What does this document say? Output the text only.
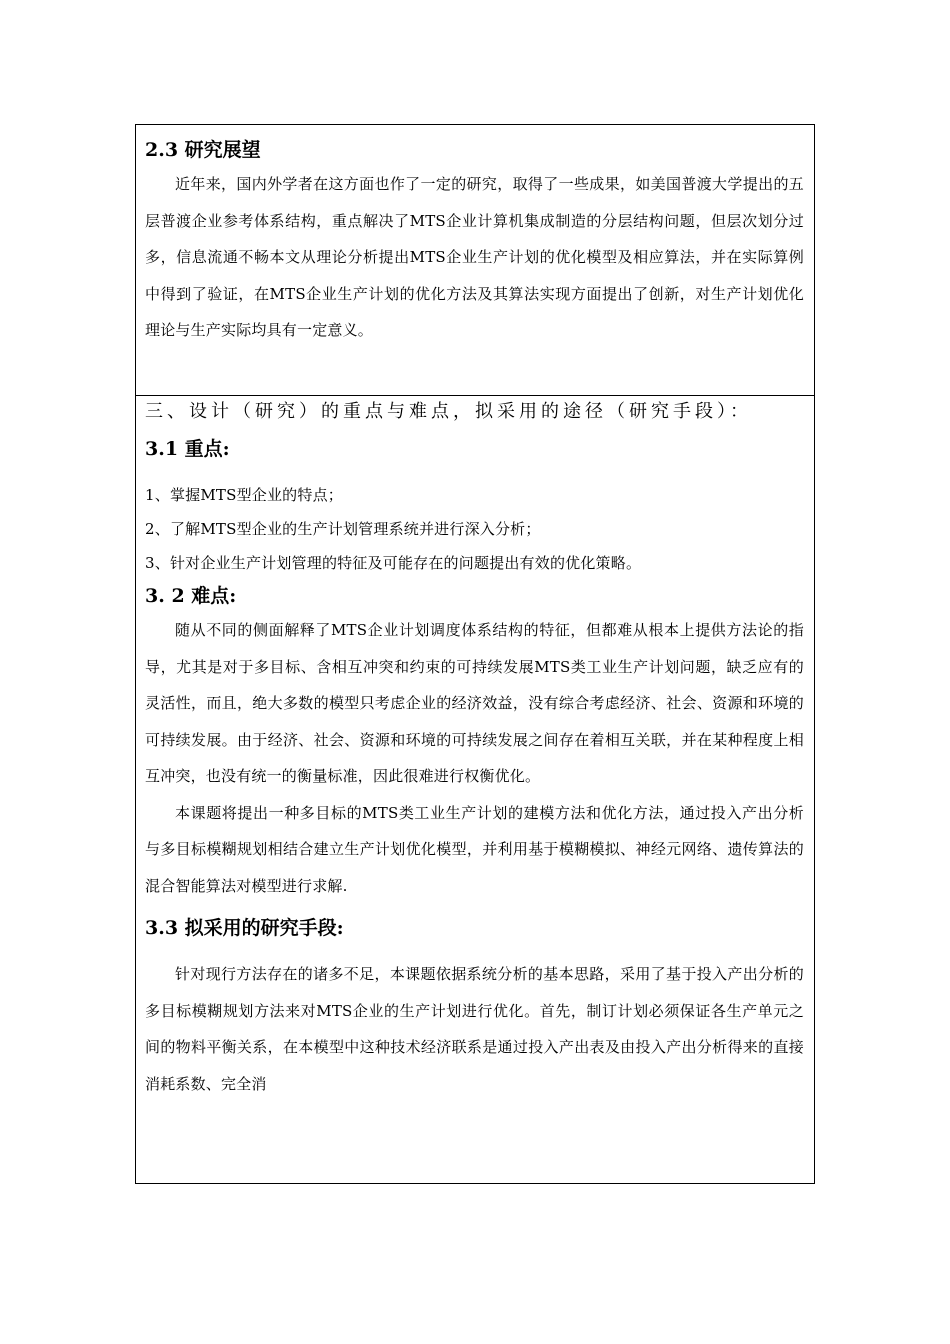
2.3 研究展望

近年来，国内外学者在这方面也作了一定的研究，取得了一些成果，如美国普渡大学提出的五层普渡企业参考体系结构，重点解决了MTS企业计算机集成制造的分层结构问题，但层次划分过多，信息流通不畅本文从理论分析提出MTS企业生产计划的优化模型及相应算法，并在实际算例中得到了验证，在MTS企业生产计划的优化方法及其算法实现方面提出了创新，对生产计划优化理论与生产实际均具有一定意义。

三、设计（研究）的重点与难点，拟采用的途径（研究手段）：

3.1 重点:

1、掌握MTS型企业的特点；

2、了解MTS型企业的生产计划管理系统并进行深入分析；

3、针对企业生产计划管理的特征及可能存在的问题提出有效的优化策略。

3. 2 难点:

随从不同的侧面解释了MTS企业计划调度体系结构的特征，但都难从根本上提供方法论的指导，尤其是对于多目标、含相互冲突和约束的可持续发展MTS类工业生产计划问题，缺乏应有的灵活性，而且，绝大多数的模型只考虑企业的经济效益，没有综合考虑经济、社会、资源和环境的可持续发展。由于经济、社会、资源和环境的可持续发展之间存在着相互关联，并在某种程度上相互冲突，也没有统一的衡量标准，因此很难进行权衡优化。

本课题将提出一种多目标的MTS类工业生产计划的建模方法和优化方法，通过投入产出分析与多目标模糊规划相结合建立生产计划优化模型，并利用基于模糊模拟、神经元网络、遗传算法的混合智能算法对模型进行求解.

3.3 拟采用的研究手段:

针对现行方法存在的诸多不足，本课题依据系统分析的基本思路，采用了基于投入产出分析的多目标模糊规划方法来对MTS企业的生产计划进行优化。首先，制订计划必须保证各生产单元之间的物料平衡关系，在本模型中这种技术经济联系是通过投入产出表及由投入产出分析得来的直接消耗系数、完全消
